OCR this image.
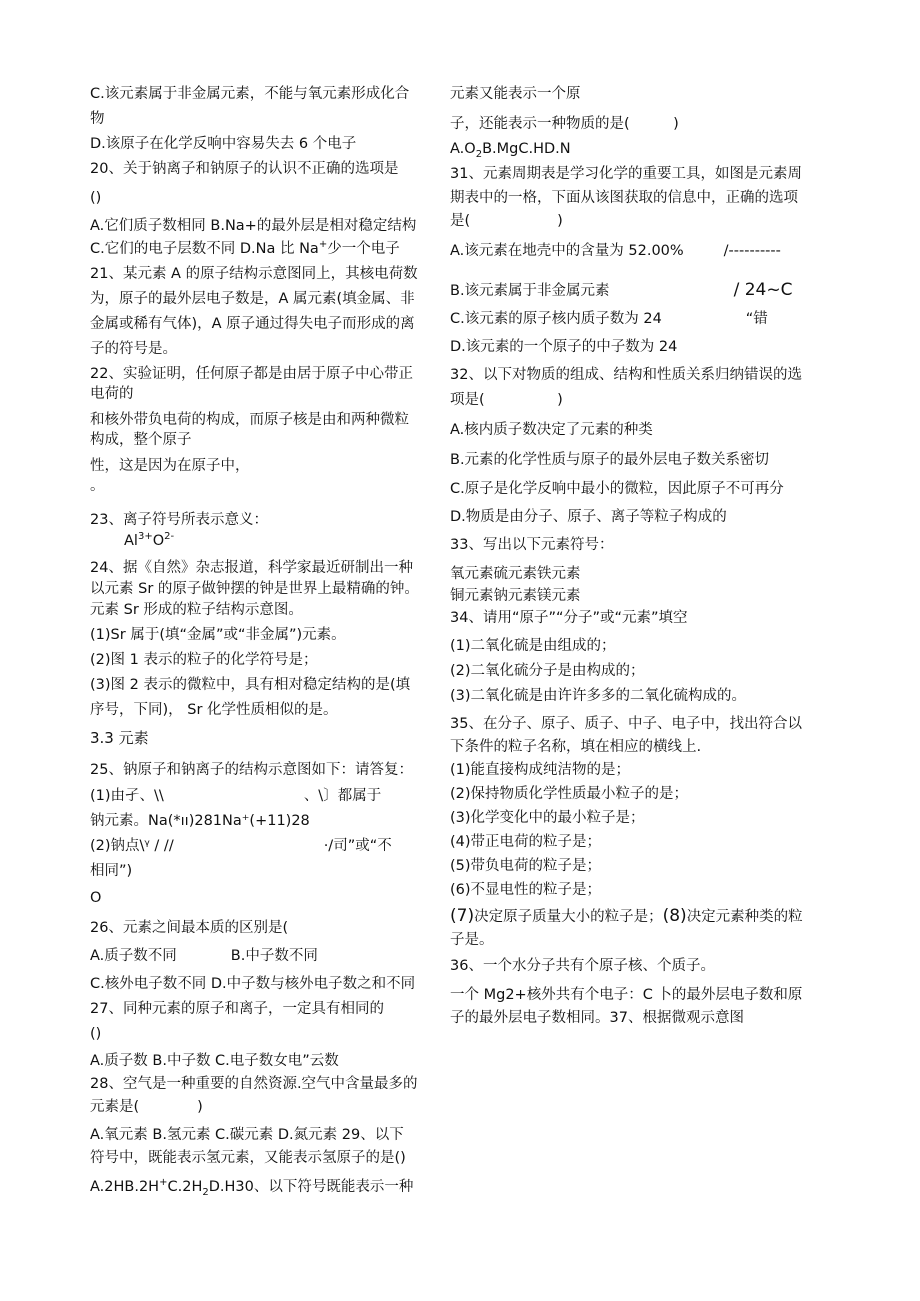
C.该元素属于非金属元素，不能与氧元素形成化合
物
D.该原子在化学反响中容易失去 6 个电子
20、关于钠离子和钠原子的认识不正确的选项是
()
A.它们质子数相同 B.Na+的最外层是相对稳定结构
C.它们的电子层数不同 D.Na 比 Na+少一个电子
21、某元素 A 的原子结构示意图同上，其核电荷数
为，原子的最外层电子数是，A 属元素(填金属、非
金属或稀有气体)，A 原子通过得失电子而形成的离
子的符号是。
22、实验证明，任何原子都是由居于原子中心带正
电荷的
和核外带负电荷的构成，而原子核是由和两种微粒
构成，整个原子
性，这是因为在原子中，
。
23、离子符号所表示意义：
$Al^{3+}O^{2-}$
24、据《自然》杂志报道，科学家最近研制出一种
以元素 Sr 的原子做钟摆的钟是世界上最精确的钟。
元素 Sr 形成的粒子结构示意图。
(1)Sr 属于(填“金属”或“非金属”)元素。
(2)图 1 表示的粒子的化学符号是；
(3)图 2 表示的微粒中，具有相对稳定结构的是(填
序号，下同)， Sr 化学性质相似的是。
3.3 元素
25、钠原子和钠离子的结构示意图如下：请答复：
(1)由孑、\\	、\〕都属于
钠元素。Na(*ıı)281Na⁺(+11)28
(2)钠点\ᵞ / //	·/司”或“不
相同”)
O
26、元素之间最本质的区别是(
A.质子数不同	B.中子数不同
C.核外电子数不同 D.中子数与核外电子数之和不同
27、同种元素的原子和离子，一定具有相同的
()
A.质子数 B.中子数 C.电子数女电”云数
28、空气是一种重要的自然资源.空气中含量最多的
元素是(　　　　)
A.氧元素 B.氢元素 C.碳元素 D.氮元素 29、以下
符号中，既能表示氢元素，又能表示氢原子的是()
$A.2HB.2H^+C.2H_2D.H30$、以下符号既能表示一种
元素又能表示一个原
子，还能表示一种物质的是(　　　)
$A.O_2B.MgC.HD.N$
31、元素周期表是学习化学的重要工具，如图是元素周
期表中的一格，下面从该图获取的信息中，正确的选项
是(　　　　　　)
A.该元素在地壳中的含量为 52.00%	/----------
B.该元素属于非金属元素	/ 24~C
C.该元素的原子核内质子数为 24	“错
D.该元素的一个原子的中子数为 24
32、以下对物质的组成、结构和性质关系归纳错误的选
项是(　　　　　)
A.核内质子数决定了元素的种类
B.元素的化学性质与原子的最外层电子数关系密切
C.原子是化学反响中最小的微粒，因此原子不可再分
D.物质是由分子、原子、离子等粒子构成的
33、写出以下元素符号：
氧元素硫元素铁元素
铜元素钠元素镁元素
34、请用“原子”“分子”或“元素”填空
(1)二氧化硫是由组成的；
(2)二氧化硫分子是由构成的；
(3)二氧化硫是由许许多多的二氧化硫构成的。
35、在分子、原子、质子、中子、电子中，找出符合以
下条件的粒子名称，填在相应的横线上.
(1)能直接构成纯洁物的是；
(2)保持物质化学性质最小粒子的是；
(3)化学变化中的最小粒子是；
(4)带正电荷的粒子是；
(5)带负电荷的粒子是；
(6)不显电性的粒子是；
(7)决定原子质量大小的粒子是；(8)决定元素种类的粒
子是。
36、一个水分子共有个原子核、个质子。
一个 Mg2+核外共有个电子：C 卜的最外层电子数和原
子的最外层电子数相同。37、根据微观示意图
